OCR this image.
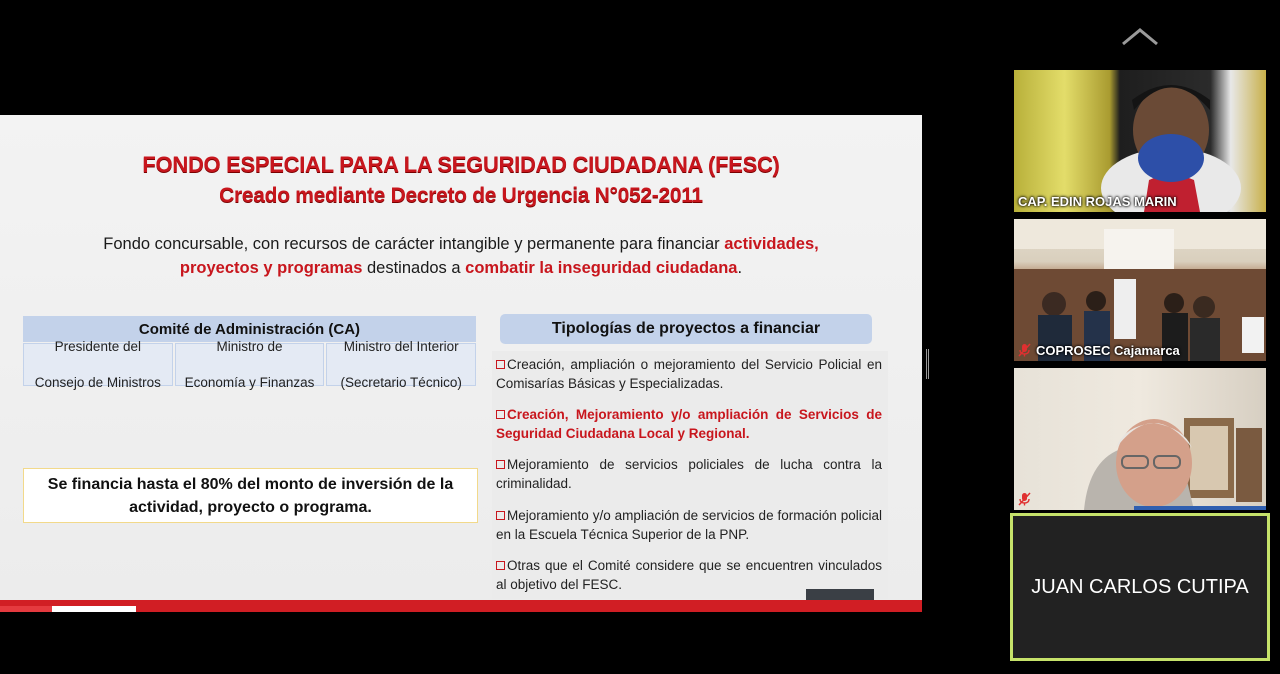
FONDO ESPECIAL PARA LA SEGURIDAD CIUDADANA (FESC)
Creado mediante Decreto de Urgencia N°052-2011
Fondo concursable, con recursos de carácter intangible y permanente para financiar actividades,
proyectos y programas destinados a combatir la inseguridad ciudadana.
Comité de Administración (CA)
Presidente del

Consejo de Ministros
Ministro de

Economía y Finanzas
Ministro del Interior

(Secretario Técnico)
Se financia hasta el 80% del monto de inversión de la
actividad, proyecto o programa.
Tipologías de proyectos a financiar
Creación, ampliación o mejoramiento del Servicio Policial en Comisarías Básicas y Especializadas.
Creación, Mejoramiento y/o ampliación de Servicios de Seguridad Ciudadana Local y Regional.
Mejoramiento de servicios policiales de lucha contra la criminalidad.
Mejoramiento y/o ampliación de servicios de formación policial en la Escuela Técnica Superior de la PNP.
Otras que el Comité considere que se encuentren vinculados al objetivo del FESC.
CAP. EDIN ROJAS MARIN
COPROSEC Cajamarca
JUAN CARLOS CUTIPA
